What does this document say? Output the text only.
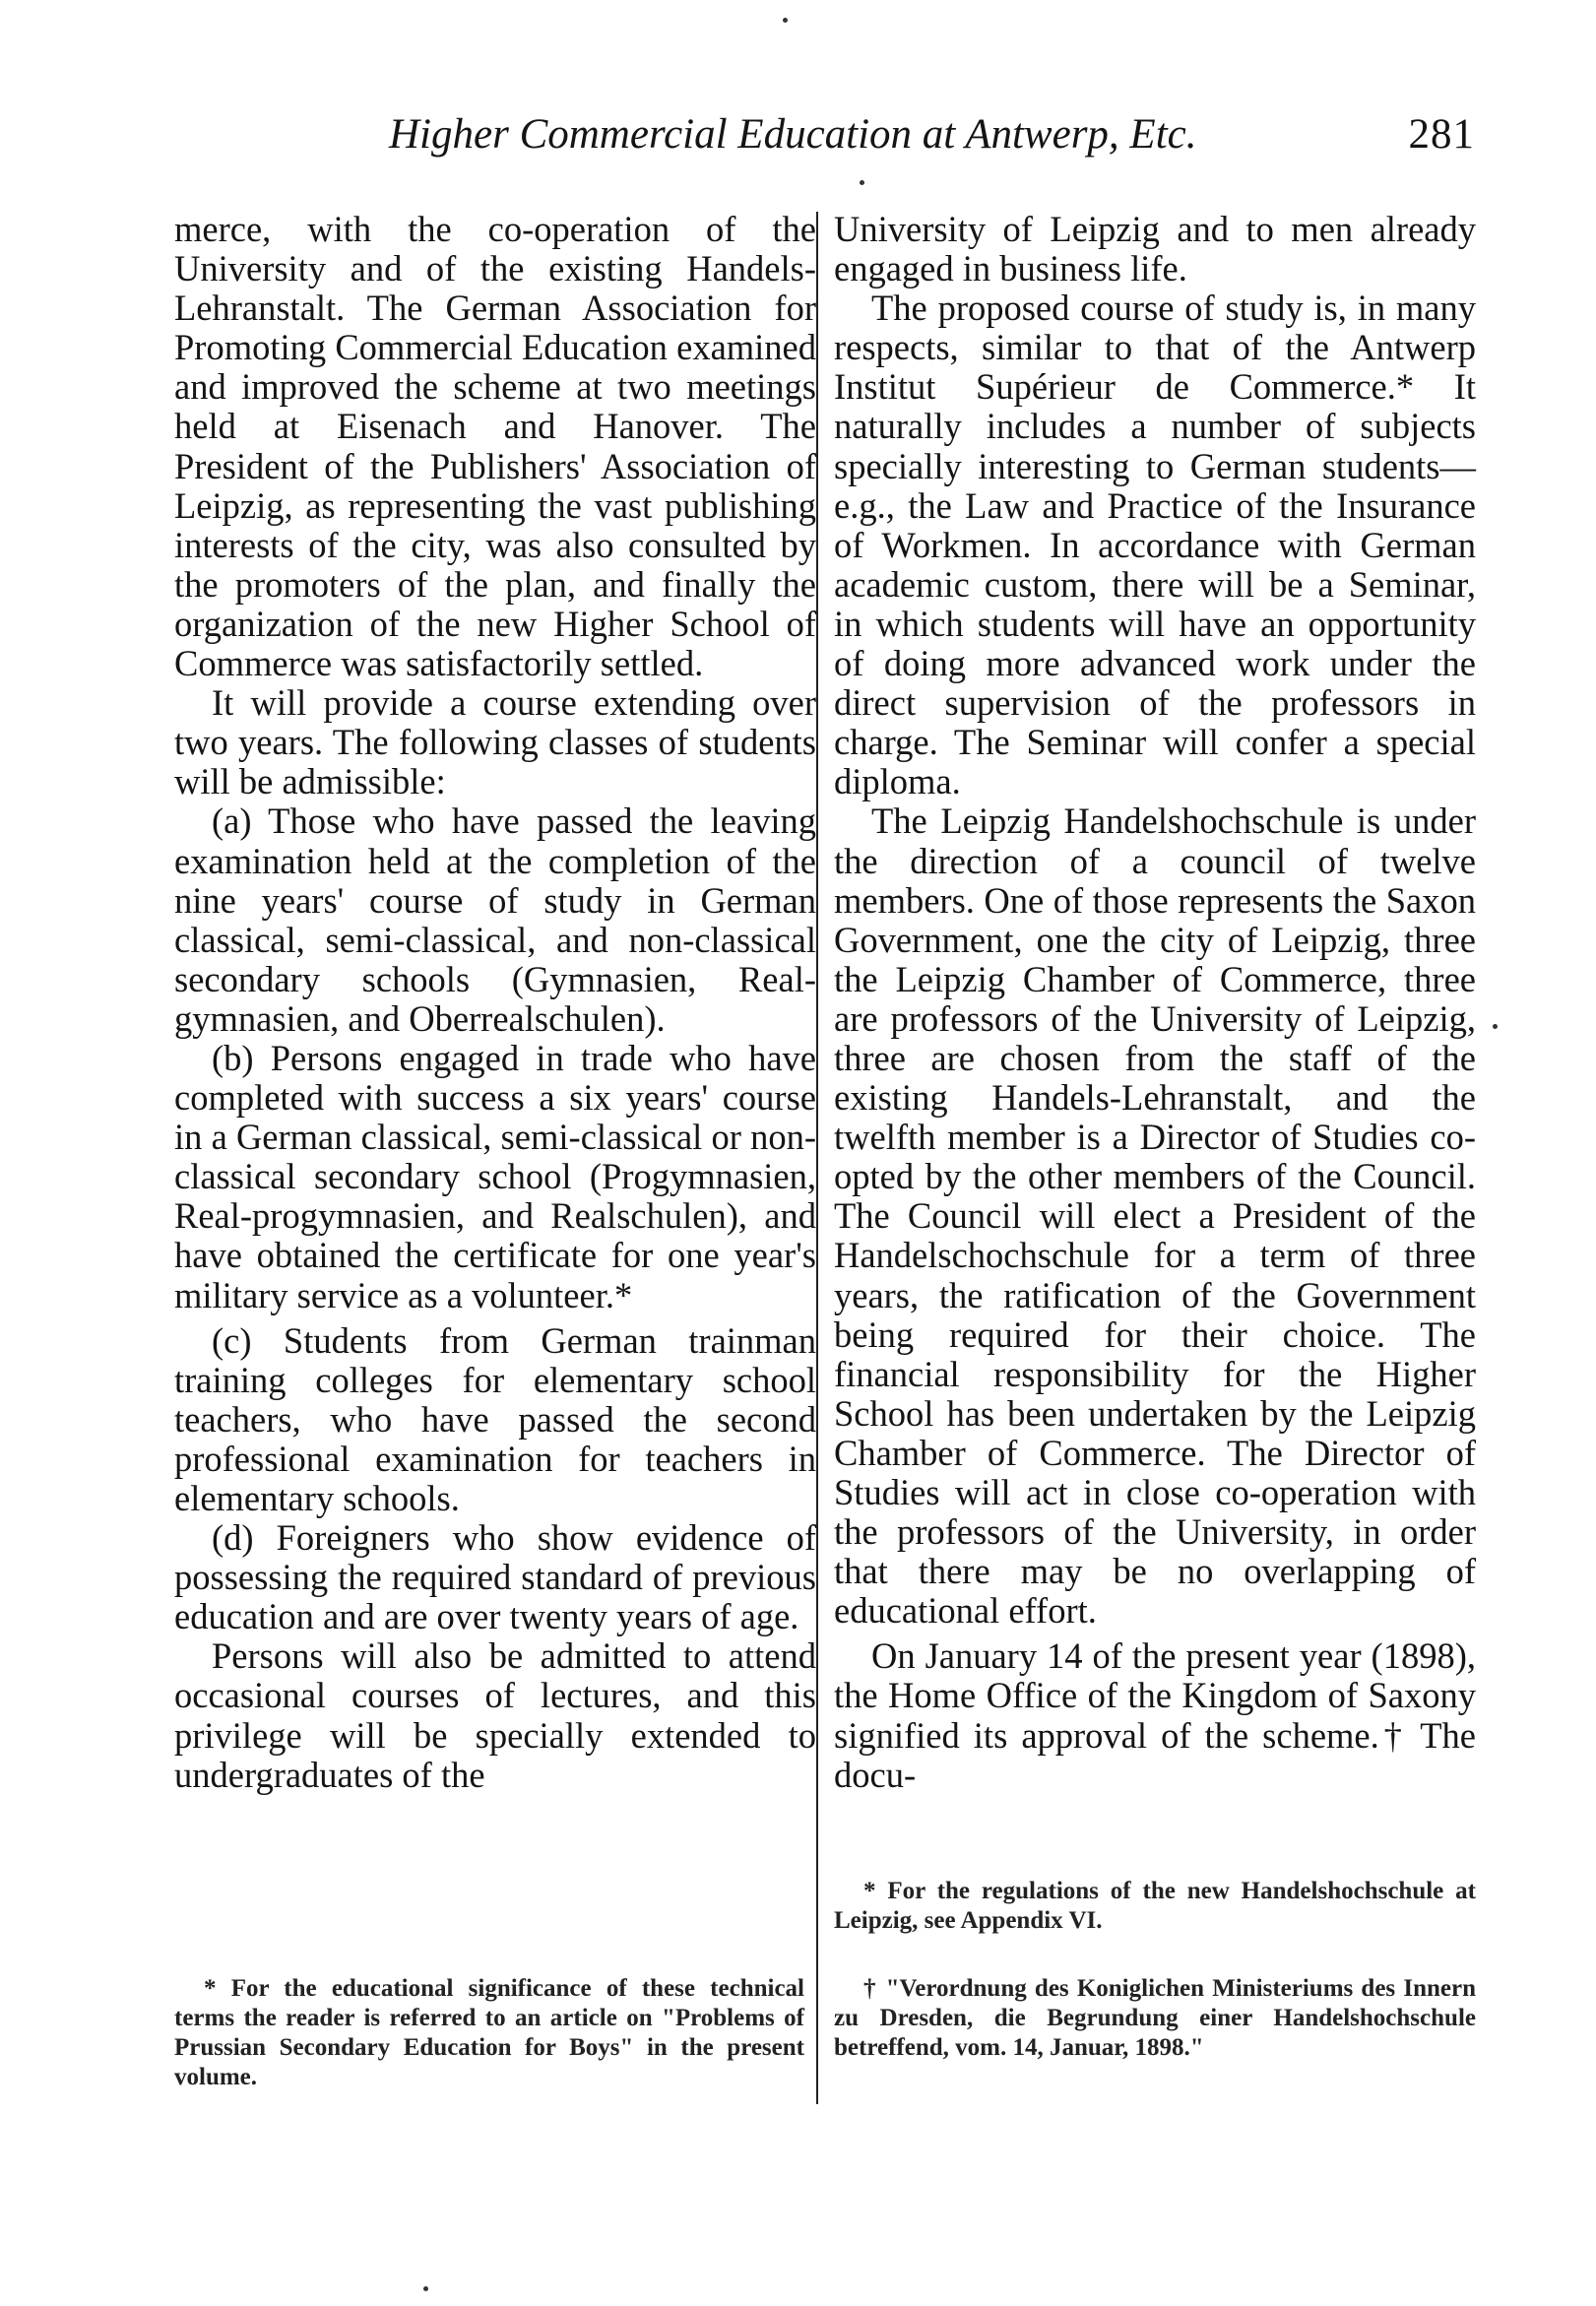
Higher Commercial Education at Antwerp, Etc.	281

merce, with the co-operation of the University and of the existing Handels-Lehranstalt. The German Association for Promoting Commercial Education examined and improved the scheme at two meetings held at Eisenach and Hanover. The President of the Publishers' Association of Leipzig, as representing the vast publishing interests of the city, was also consulted by the promoters of the plan, and finally the organization of the new Higher School of Commerce was satisfactorily settled.

It will provide a course extending over two years. The following classes of students will be admissible:

(a) Those who have passed the leaving examination held at the completion of the nine years' course of study in German classical, semi-classical, and non-classical secondary schools (Gymnasien, Real-gymnasien, and Oberrealschulen).

(b) Persons engaged in trade who have completed with success a six years' course in a German classical, semi-classical or non-classical secondary school (Progymnasien, Real-progymnasien, and Realschulen), and have obtained the certificate for one year's military service as a volunteer.*

(c) Students from German trainman training colleges for elementary school teachers, who have passed the second professional examination for teachers in elementary schools.

(d) Foreigners who show evidence of possessing the required standard of previous education and are over twenty years of age.

Persons will also be admitted to attend occasional courses of lectures, and this privilege will be specially extended to undergraduates of the

University of Leipzig and to men already engaged in business life.

The proposed course of study is, in many respects, similar to that of the Antwerp Institut Supérieur de Commerce.* It naturally includes a number of subjects specially interesting to German students—e.g., the Law and Practice of the Insurance of Workmen. In accordance with German academic custom, there will be a Seminar, in which students will have an opportunity of doing more advanced work under the direct supervision of the professors in charge. The Seminar will confer a special diploma.

The Leipzig Handelshochschule is under the direction of a council of twelve members. One of those represents the Saxon Government, one the city of Leipzig, three the Leipzig Chamber of Commerce, three are professors of the University of Leipzig, three are chosen from the staff of the existing Handels-Lehranstalt, and the twelfth member is a Director of Studies co-opted by the other members of the Council. The Council will elect a President of the Handelschochschule for a term of three years, the ratification of the Government being required for their choice. The financial responsibility for the Higher School has been undertaken by the Leipzig Chamber of Commerce. The Director of Studies will act in close co-operation with the professors of the University, in order that there may be no overlapping of educational effort.

On January 14 of the present year (1898), the Home Office of the Kingdom of Saxony signified its approval of the scheme.† The docu-

* For the educational significance of these technical terms the reader is referred to an article on "Problems of Prussian Secondary Education for Boys" in the present volume.

* For the regulations of the new Handelshochschule at Leipzig, see Appendix VI.

† "Verordnung des Koniglichen Ministeriums des Innern zu Dresden, die Begrundung einer Handelshochschule betreffend, vom. 14, Januar, 1898."
